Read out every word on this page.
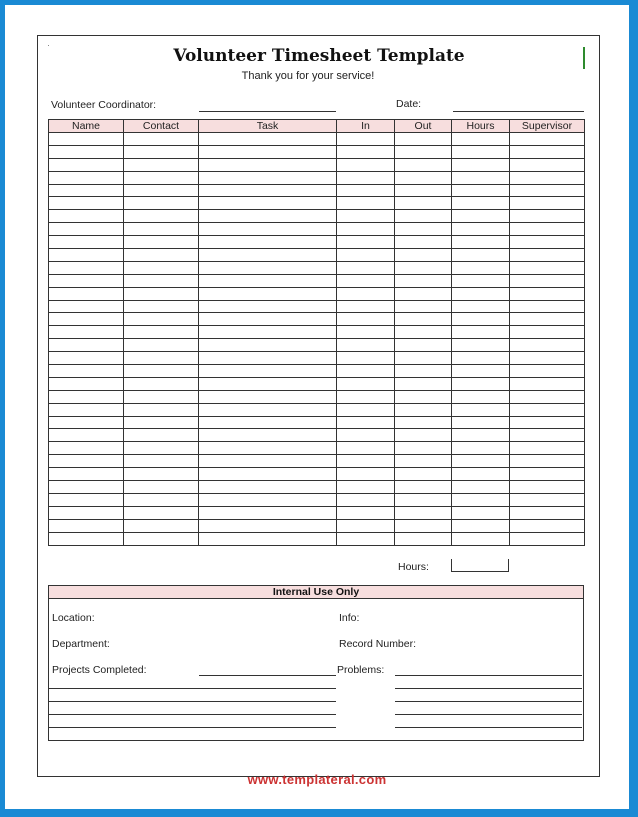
Volunteer Timesheet Template
Thank you for your service!
Volunteer Coordinator:	Date:
Name	Contact	Task	In	Out	Hours	Supervisor

Hours:
Internal Use Only
Location:	Info:
Department:	Record Number:
Projects Completed:	Problems:
www.templateral.com
